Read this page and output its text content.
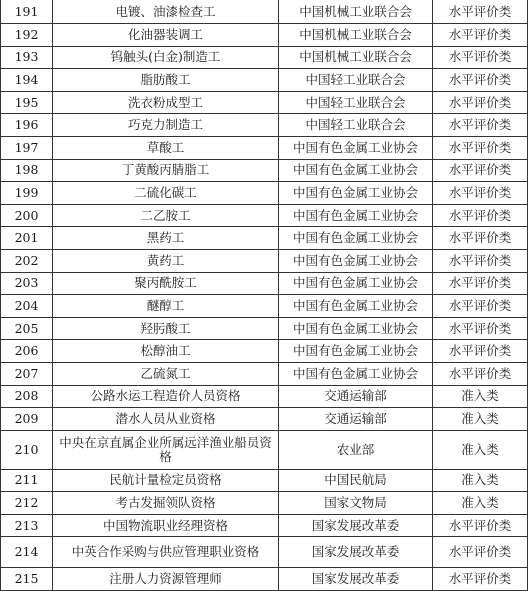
191	电镀、油漆检查工	中国机械工业联合会	水平评价类
192	化油器装调工	中国机械工业联合会	水平评价类
193	钨触头(白金)制造工	中国机械工业联合会	水平评价类
194	脂肪酸工	中国轻工业联合会	水平评价类
195	洗衣粉成型工	中国轻工业联合会	水平评价类
196	巧克力制造工	中国轻工业联合会	水平评价类
197	草酸工	中国有色金属工业协会	水平评价类
198	丁黄酸丙腈脂工	中国有色金属工业协会	水平评价类
199	二硫化碳工	中国有色金属工业协会	水平评价类
200	二乙胺工	中国有色金属工业协会	水平评价类
201	黑药工	中国有色金属工业协会	水平评价类
202	黄药工	中国有色金属工业协会	水平评价类
203	聚丙酰胺工	中国有色金属工业协会	水平评价类
204	醚醇工	中国有色金属工业协会	水平评价类
205	羟肟酸工	中国有色金属工业协会	水平评价类
206	松醇油工	中国有色金属工业协会	水平评价类
207	乙硫氮工	中国有色金属工业协会	水平评价类
208	公路水运工程造价人员资格	交通运输部	准入类
209	潜水人员从业资格	交通运输部	准入类
210	中央在京直属企业所属远洋渔业船员资格	农业部	准入类
211	民航计量检定员资格	中国民航局	准入类
212	考古发掘领队资格	国家文物局	准入类
213	中国物流职业经理资格	国家发展改革委	水平评价类
214	中英合作采购与供应管理职业资格	国家发展改革委	水平评价类
215	注册人力资源管理师	国家发展改革委	水平评价类
